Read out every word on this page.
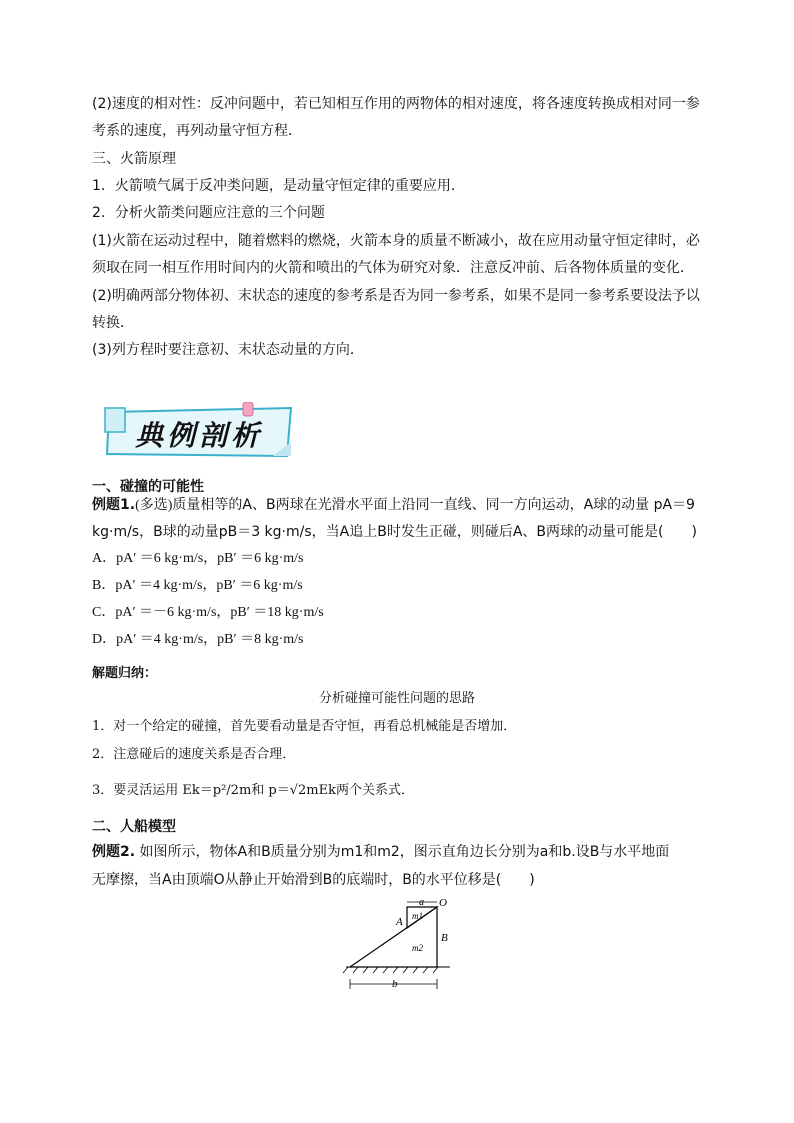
(2)速度的相对性：反冲问题中，若已知相互作用的两物体的相对速度，将各速度转换成相对同一参
考系的速度，再列动量守恒方程．
三、火箭原理
1．火箭喷气属于反冲类问题，是动量守恒定律的重要应用．
2．分析火箭类问题应注意的三个问题
(1)火箭在运动过程中，随着燃料的燃烧，火箭本身的质量不断减小，故在应用动量守恒定律时，必
须取在同一相互作用时间内的火箭和喷出的气体为研究对象．注意反冲前、后各物体质量的变化．
(2)明确两部分物体初、末状态的速度的参考系是否为同一参考系，如果不是同一参考系要设法予以
转换．
(3)列方程时要注意初、末状态动量的方向．
典例剖析
一、碰撞的可能性
例题1.(多选)质量相等的A、B两球在光滑水平面上沿同一直线、同一方向运动，A球的动量 pA＝9
kg·m/s，B球的动量pB＝3 kg·m/s，当A追上B时发生正碰，则碰后A、B两球的动量可能是(　　)
A．pA′ ＝6 kg·m/s，pB′ ＝6 kg·m/s
B．pA′ ＝4 kg·m/s，pB′ ＝6 kg·m/s
C．pA′ ＝－6 kg·m/s，pB′ ＝18 kg·m/s
D．pA′ ＝4 kg·m/s，pB′ ＝8 kg·m/s
解题归纳：
分析碰撞可能性问题的思路
1．对一个给定的碰撞，首先要看动量是否守恒，再看总机械能是否增加．
2．注意碰后的速度关系是否合理．
3．要灵活运用 Ek＝p²/2m和 p＝√2mEk两个关系式．
二、人船模型
例题2. 如图所示，物体A和B质量分别为m1和m2，图示直角边长分别为a和b.设B与水平地面
无摩擦，当A由顶端O从静止开始滑到B的底端时，B的水平位移是(　　)
a O
A m1
B
m2
b
